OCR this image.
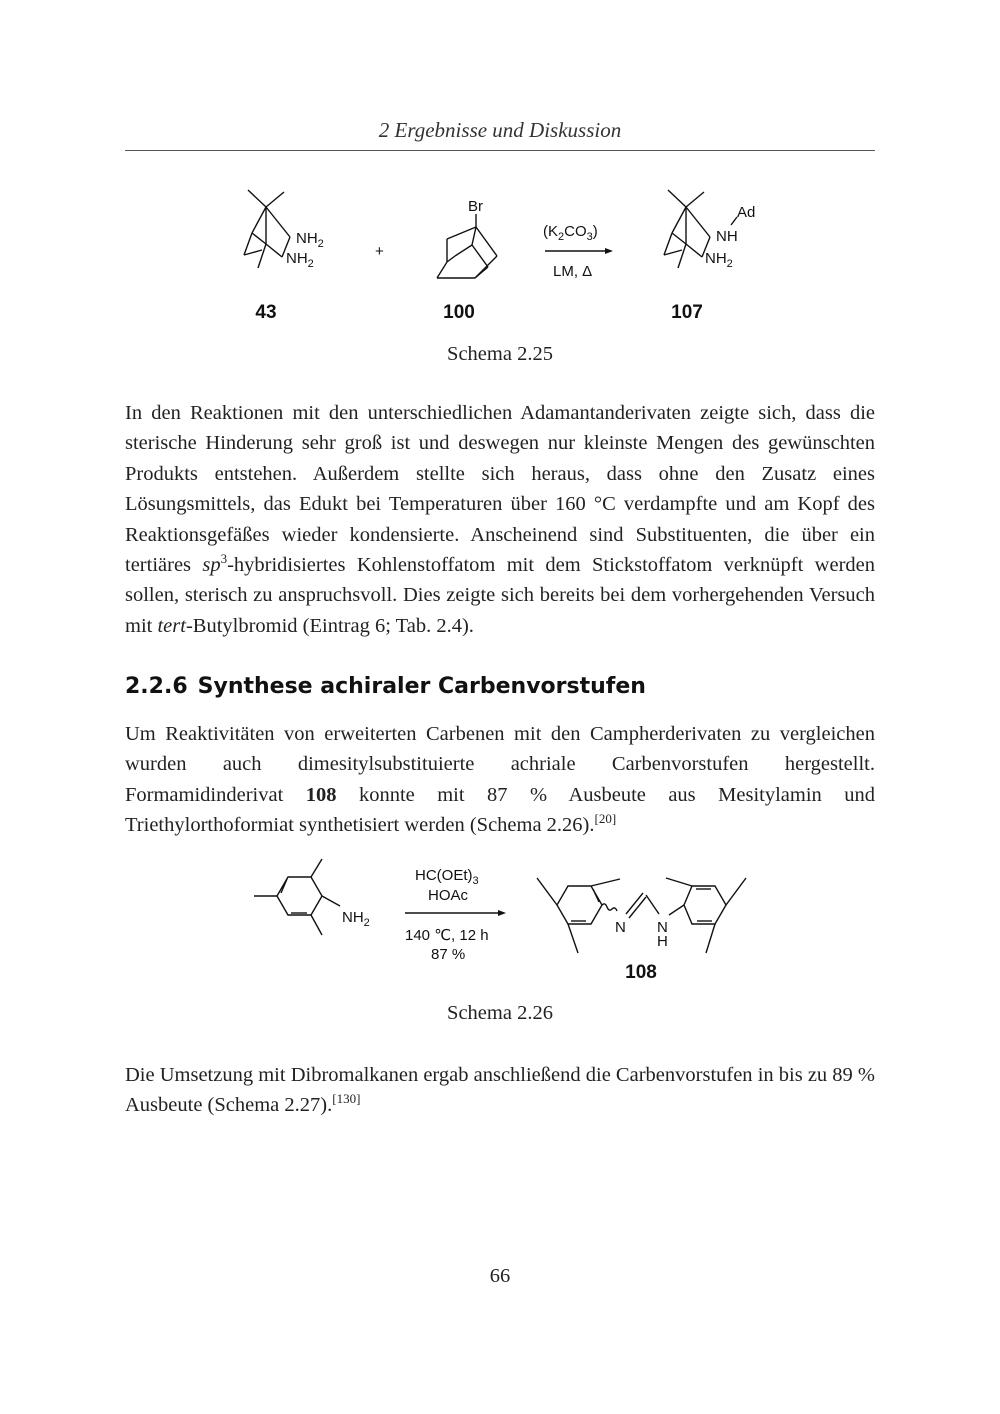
2 Ergebnisse und Diskussion
$NH_2$
$NH_2$
+
Br
$(K_2CO_3)$
LM, Δ
Ad
NH
$NH_2$
43	100	107
Schema 2.25

In den Reaktionen mit den unterschiedlichen Adamantanderivaten zeigte sich, dass die sterische Hinderung sehr groß ist und deswegen nur kleinste Mengen des gewünschten Produkts entstehen. Außerdem stellte sich heraus, dass ohne den Zusatz eines Lösungsmittels, das Edukt bei Temperaturen über 160 °C verdampfte und am Kopf des Reaktionsgefäßes wieder kondensierte. Anscheinend sind Substituenten, die über ein tertiäres $sp^3$-hybridisiertes Kohlenstoffatom mit dem Stickstoffatom verknüpft werden sollen, sterisch zu anspruchsvoll. Dies zeigte sich bereits bei dem vorhergehenden Versuch mit tert-Butylbromid (Eintrag 6; Tab. 2.4).

2.2.6 Synthese achiraler Carbenvorstufen

Um Reaktivitäten von erweiterten Carbenen mit den Campherderivaten zu vergleichen wurden auch dimesitylsubstituierte achriale Carbenvorstufen hergestellt. Formamidinderivat 108 konnte mit 87 % Ausbeute aus Mesitylamin und Triethylorthoformiat synthetisiert werden (Schema 2.26).[20]

$NH_2$
$HC(OEt)_3$
HOAc
140 ℃, 12 h
87 %
N N
H
108
Schema 2.26

Die Umsetzung mit Dibromalkanen ergab anschließend die Carbenvorstufen in bis zu 89 % Ausbeute (Schema 2.27).[130]

66
